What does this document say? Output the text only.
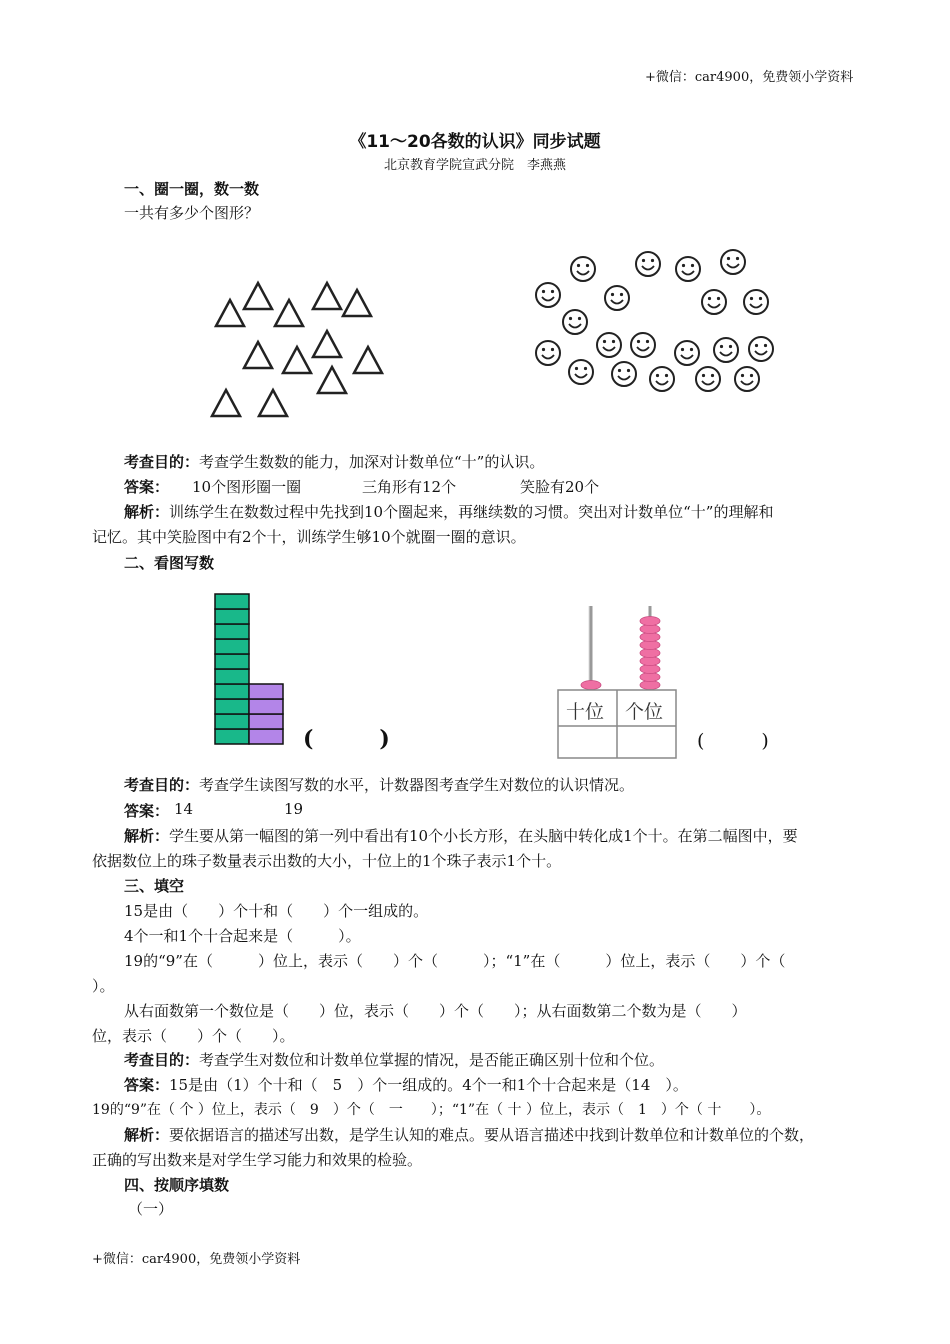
+微信：car4900，免费领小学资料
《11～20各数的认识》同步试题
北京教育学院宣武分院　李燕燕
一、圈一圈，数一数
一共有多少个图形？
考查目的：考查学生数数的能力，加深对计数单位“十”的认识。
答案： 10个图形圈一圈	三角形有12个	笑脸有20个
解析：训练学生在数数过程中先找到10个圈起来，再继续数的习惯。突出对计数单位“十”的理解和
记忆。其中笑脸图中有2个十，训练学生够10个就圈一圈的意识。
二、看图写数
(　　　)
十位 个位
(　　　)
考查目的：考查学生读图写数的水平，计数器图考查学生对数位的认识情况。
答案： 14	19
解析：学生要从第一幅图的第一列中看出有10个小长方形，在头脑中转化成1个十。在第二幅图中，要
依据数位上的珠子数量表示出数的大小，十位上的1个珠子表示1个十。
三、填空
15是由（　　）个十和（　　）个一组成的。
4个一和1个十合起来是（　　　）。
19的“9”在（　　　）位上，表示（　　）个（　　　）；“1”在（　　　）位上，表示（　　）个（
）。
从右面数第一个数位是（　　）位，表示（　　）个（　　）；从右面数第二个数为是（　　）
位，表示（　　）个（　　）。
考查目的：考查学生对数位和计数单位掌握的情况，是否能正确区别十位和个位。
答案：15是由（1）个十和（　5　）个一组成的。4个一和1个十合起来是（14　）。
19的“9”在（ 个 ）位上，表示（　9　）个（　一　　）；“1”在（ 十 ）位上，表示（　1　）个（ 十　　）。
解析：要依据语言的描述写出数，是学生认知的难点。要从语言描述中找到计数单位和计数单位的个数，
正确的写出数来是对学生学习能力和效果的检验。
四、按顺序填数
（一）
+微信：car4900，免费领小学资料
